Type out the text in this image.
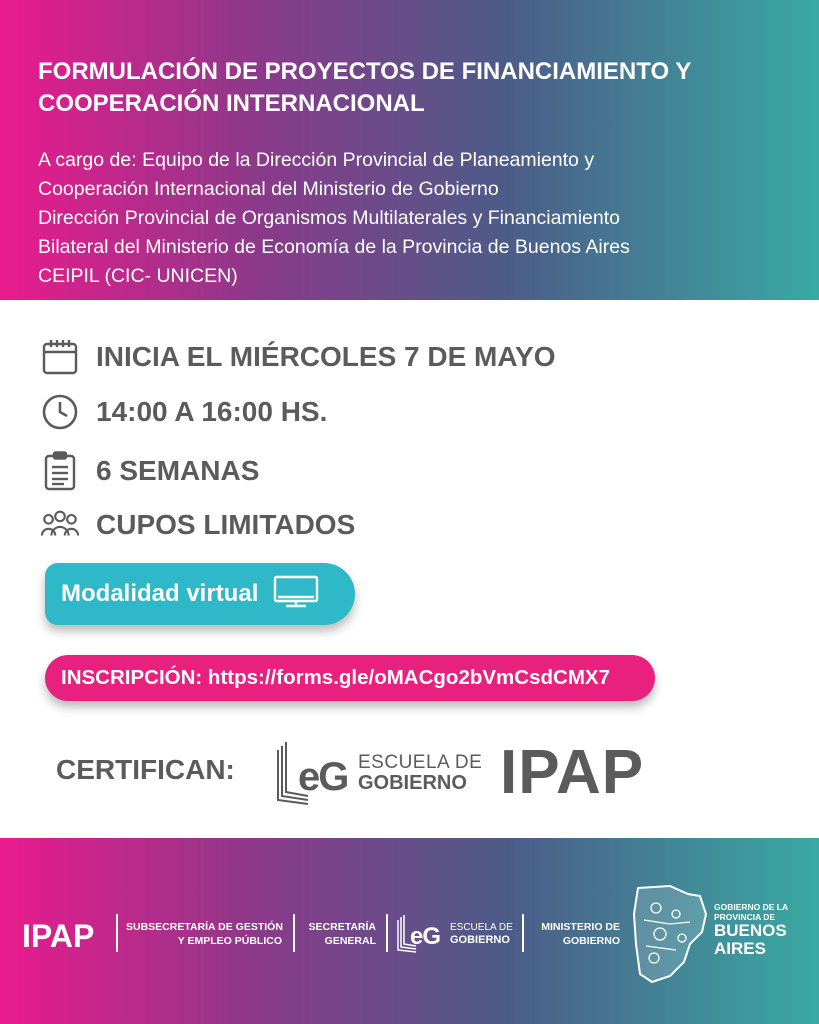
FORMULACIÓN DE PROYECTOS DE FINANCIAMIENTO Y
COOPERACIÓN INTERNACIONAL
A cargo de: Equipo de la Dirección Provincial de Planeamiento y
Cooperación Internacional del Ministerio de Gobierno
Dirección Provincial de Organismos Multilaterales y Financiamiento
Bilateral del Ministerio de Economía de la Provincia de Buenos Aires
CEIPIL (CIC- UNICEN)
INICIA EL MIÉRCOLES 7 DE MAYO
14:00 A 16:00 HS.
6 SEMANAS
CUPOS LIMITADOS
Modalidad virtual
INSCRIPCIÓN: https://forms.gle/oMACgo2bVmCsdCMX7
CERTIFICAN: eG ESCUELA DE
GOBIERNO IPAP
IPAP	SUBSECRETARÍA DE GESTIÓN
Y EMPLEO PÚBLICO
SECRETARÍA
GENERAL eG ESCUELA DE
GOBIERNO
MINISTERIO DE
GOBIERNO
GOBIERNO DE LA
PROVINCIA DE
BUENOS
AIRES
